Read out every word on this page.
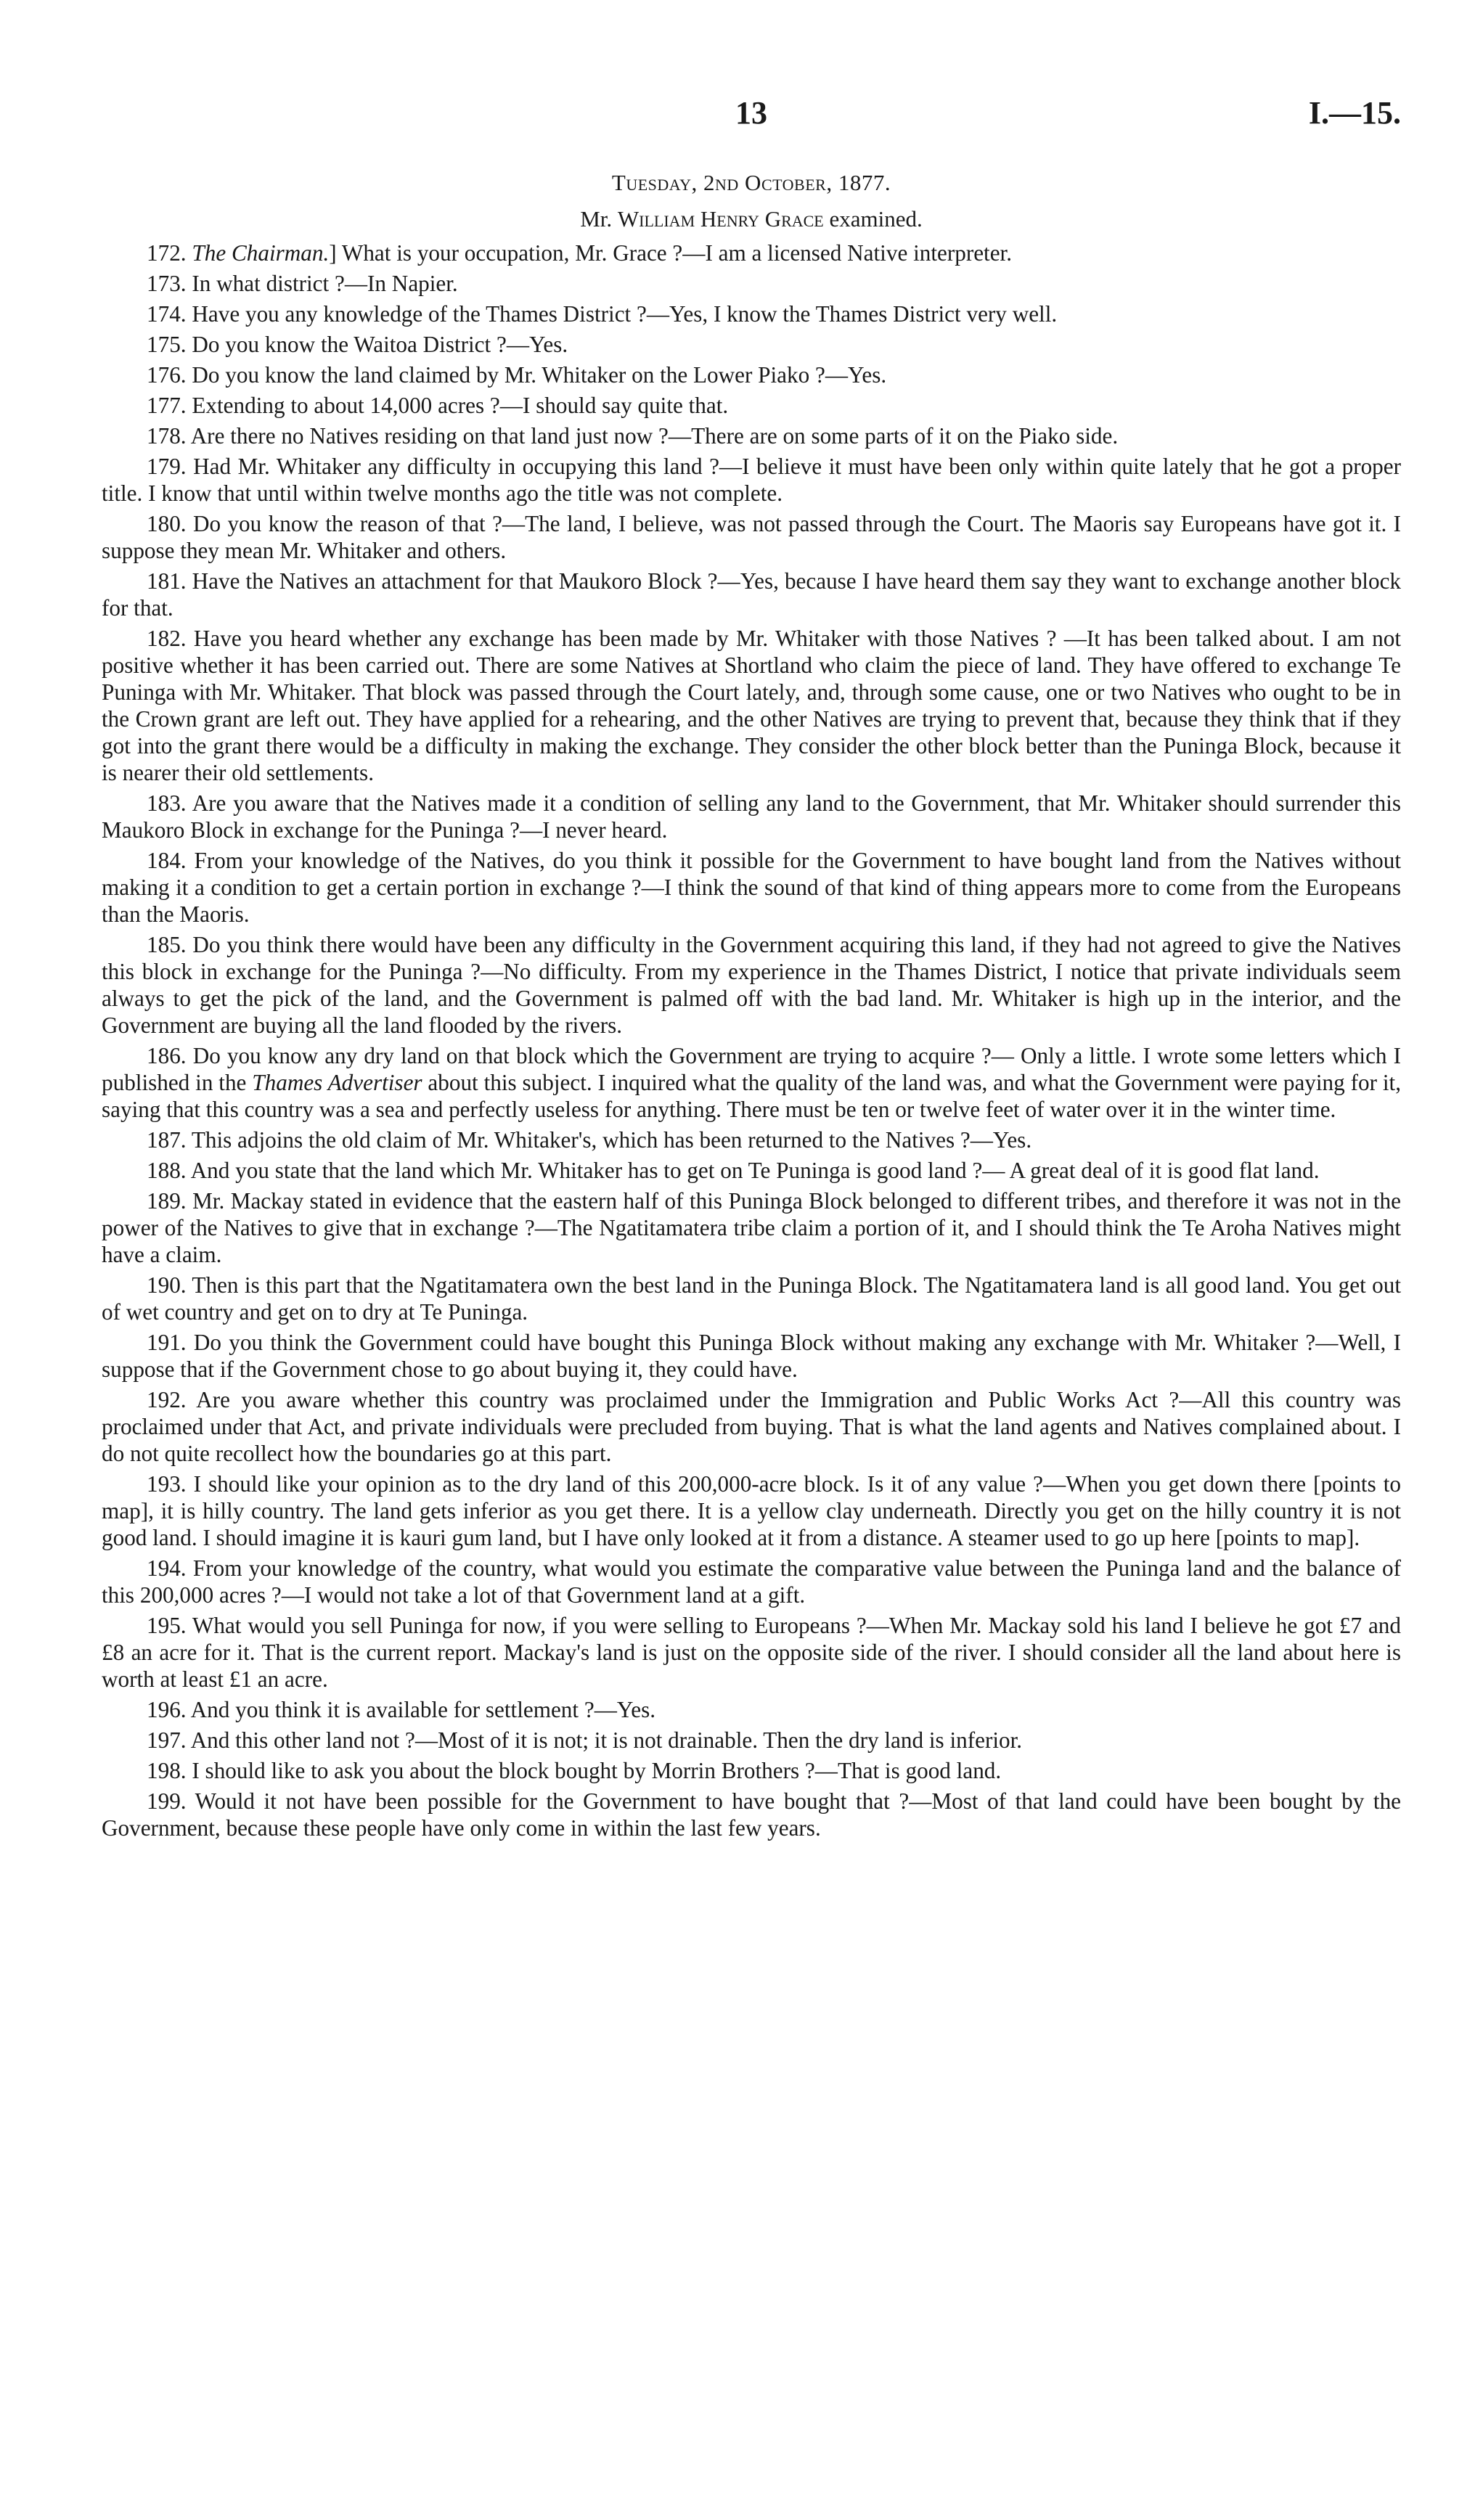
13	I.—15.
Tuesday, 2nd October, 1877.
Mr. William Henry Grace examined.

172. The Chairman.] What is your occupation, Mr. Grace ?—I am a licensed Native interpreter.

173. In what district ?—In Napier.

174. Have you any knowledge of the Thames District ?—Yes, I know the Thames District very well.

175. Do you know the Waitoa District ?—Yes.

176. Do you know the land claimed by Mr. Whitaker on the Lower Piako ?—Yes.

177. Extending to about 14,000 acres ?—I should say quite that.

178. Are there no Natives residing on that land just now ?—There are on some parts of it on the Piako side.

179. Had Mr. Whitaker any difficulty in occupying this land ?—I believe it must have been only within quite lately that he got a proper title. I know that until within twelve months ago the title was not complete.

180. Do you know the reason of that ?—The land, I believe, was not passed through the Court. The Maoris say Europeans have got it. I suppose they mean Mr. Whitaker and others.

181. Have the Natives an attachment for that Maukoro Block ?—Yes, because I have heard them say they want to exchange another block for that.

182. Have you heard whether any exchange has been made by Mr. Whitaker with those Natives ? —It has been talked about. I am not positive whether it has been carried out. There are some Natives at Shortland who claim the piece of land. They have offered to exchange Te Puninga with Mr. Whitaker. That block was passed through the Court lately, and, through some cause, one or two Natives who ought to be in the Crown grant are left out. They have applied for a rehearing, and the other Natives are trying to prevent that, because they think that if they got into the grant there would be a difficulty in making the exchange. They consider the other block better than the Puninga Block, because it is nearer their old settlements.

183. Are you aware that the Natives made it a condition of selling any land to the Government, that Mr. Whitaker should surrender this Maukoro Block in exchange for the Puninga ?—I never heard.

184. From your knowledge of the Natives, do you think it possible for the Government to have bought land from the Natives without making it a condition to get a certain portion in exchange ?—I think the sound of that kind of thing appears more to come from the Europeans than the Maoris.

185. Do you think there would have been any difficulty in the Government acquiring this land, if they had not agreed to give the Natives this block in exchange for the Puninga ?—No difficulty. From my experience in the Thames District, I notice that private individuals seem always to get the pick of the land, and the Government is palmed off with the bad land. Mr. Whitaker is high up in the interior, and the Government are buying all the land flooded by the rivers.

186. Do you know any dry land on that block which the Government are trying to acquire ?— Only a little. I wrote some letters which I published in the Thames Advertiser about this subject. I inquired what the quality of the land was, and what the Government were paying for it, saying that this country was a sea and perfectly useless for anything. There must be ten or twelve feet of water over it in the winter time.

187. This adjoins the old claim of Mr. Whitaker's, which has been returned to the Natives ?—Yes.

188. And you state that the land which Mr. Whitaker has to get on Te Puninga is good land ?— A great deal of it is good flat land.

189. Mr. Mackay stated in evidence that the eastern half of this Puninga Block belonged to different tribes, and therefore it was not in the power of the Natives to give that in exchange ?—The Ngatitamatera tribe claim a portion of it, and I should think the Te Aroha Natives might have a claim.

190. Then is this part that the Ngatitamatera own the best land in the Puninga Block. The Ngatitamatera land is all good land. You get out of wet country and get on to dry at Te Puninga.

191. Do you think the Government could have bought this Puninga Block without making any exchange with Mr. Whitaker ?—Well, I suppose that if the Government chose to go about buying it, they could have.

192. Are you aware whether this country was proclaimed under the Immigration and Public Works Act ?—All this country was proclaimed under that Act, and private individuals were precluded from buying. That is what the land agents and Natives complained about. I do not quite recollect how the boundaries go at this part.

193. I should like your opinion as to the dry land of this 200,000-acre block. Is it of any value ?—When you get down there [points to map], it is hilly country. The land gets inferior as you get there. It is a yellow clay underneath. Directly you get on the hilly country it is not good land. I should imagine it is kauri gum land, but I have only looked at it from a distance. A steamer used to go up here [points to map].

194. From your knowledge of the country, what would you estimate the comparative value between the Puninga land and the balance of this 200,000 acres ?—I would not take a lot of that Government land at a gift.

195. What would you sell Puninga for now, if you were selling to Europeans ?—When Mr. Mackay sold his land I believe he got £7 and £8 an acre for it. That is the current report. Mackay's land is just on the opposite side of the river. I should consider all the land about here is worth at least £1 an acre.

196. And you think it is available for settlement ?—Yes.

197. And this other land not ?—Most of it is not; it is not drainable. Then the dry land is inferior.

198. I should like to ask you about the block bought by Morrin Brothers ?—That is good land.

199. Would it not have been possible for the Government to have bought that ?—Most of that land could have been bought by the Government, because these people have only come in within the last few years.
